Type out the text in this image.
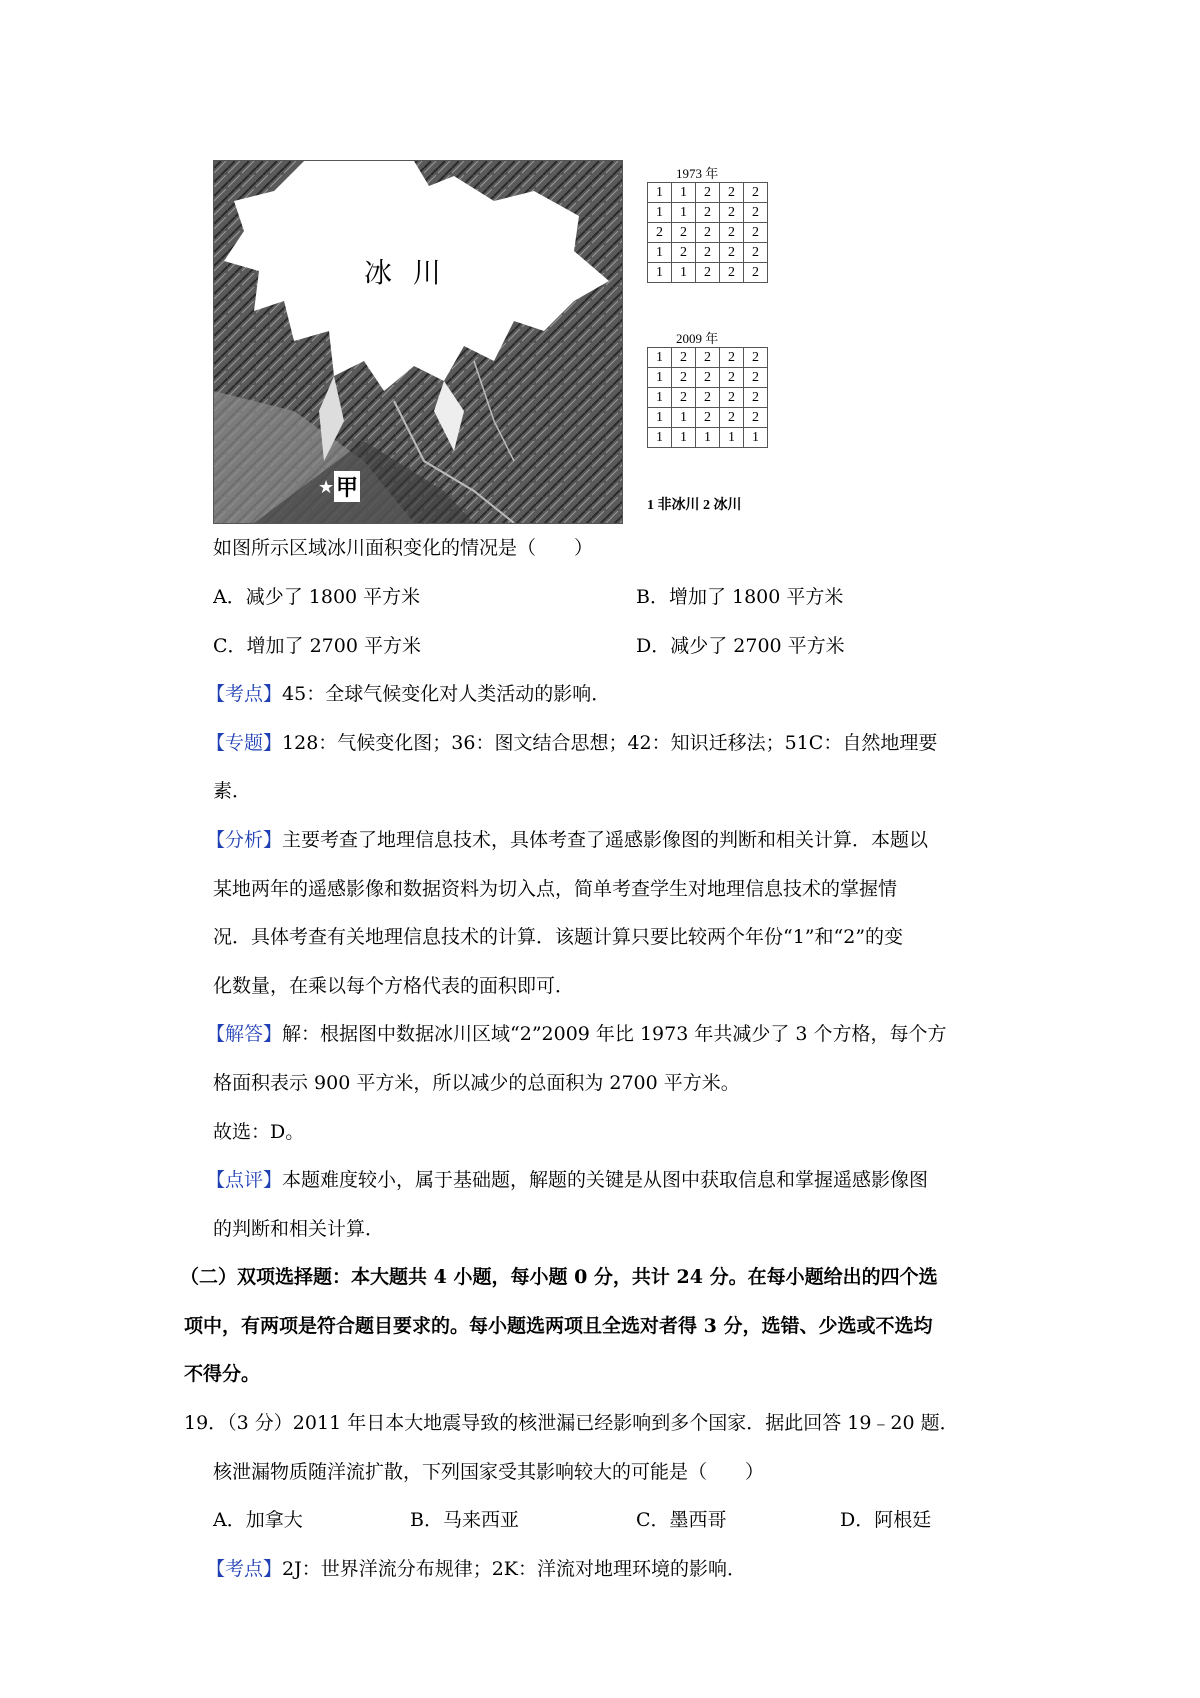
冰 川
★ 甲
1973 年
1	1	2	2	2
1	1	2	2	2
2	2	2	2	2
1	2	2	2	2
1	1	2	2	2
2009 年
1	2	2	2	2
1	2	2	2	2
1	2	2	2	2
1	1	2	2	2
1	1	1	1	1
1 非冰川 2 冰川
如图所示区域冰川面积变化的情况是（　　）
A．减少了 1800 平方米	B．增加了 1800 平方米
C．增加了 2700 平方米	D．减少了 2700 平方米
【考点】45：全球气候变化对人类活动的影响．
【专题】128：气候变化图；36：图文结合思想；42：知识迁移法；51C：自然地理要
素．
【分析】主要考查了地理信息技术，具体考查了遥感影像图的判断和相关计算．本题以
某地两年的遥感影像和数据资料为切入点，简单考查学生对地理信息技术的掌握情
况．具体考查有关地理信息技术的计算．该题计算只要比较两个年份“1”和“2”的变
化数量，在乘以每个方格代表的面积即可．
【解答】解：根据图中数据冰川区域“2”2009 年比 1973 年共减少了 3 个方格，每个方
格面积表示 900 平方米，所以减少的总面积为 2700 平方米。
故选：D。
【点评】本题难度较小，属于基础题，解题的关键是从图中获取信息和掌握遥感影像图
的判断和相关计算．
（二）双项选择题：本大题共 4 小题，每小题 0 分，共计 24 分。在每小题给出的四个选
项中，有两项是符合题目要求的。每小题选两项且全选对者得 3 分，选错、少选或不选均
不得分。
19．（3 分）2011 年日本大地震导致的核泄漏已经影响到多个国家．据此回答 19﹣20 题．
核泄漏物质随洋流扩散，下列国家受其影响较大的可能是（　　）
A．加拿大	B．马来西亚	C．墨西哥	D．阿根廷
【考点】2J：世界洋流分布规律；2K：洋流对地理环境的影响．
